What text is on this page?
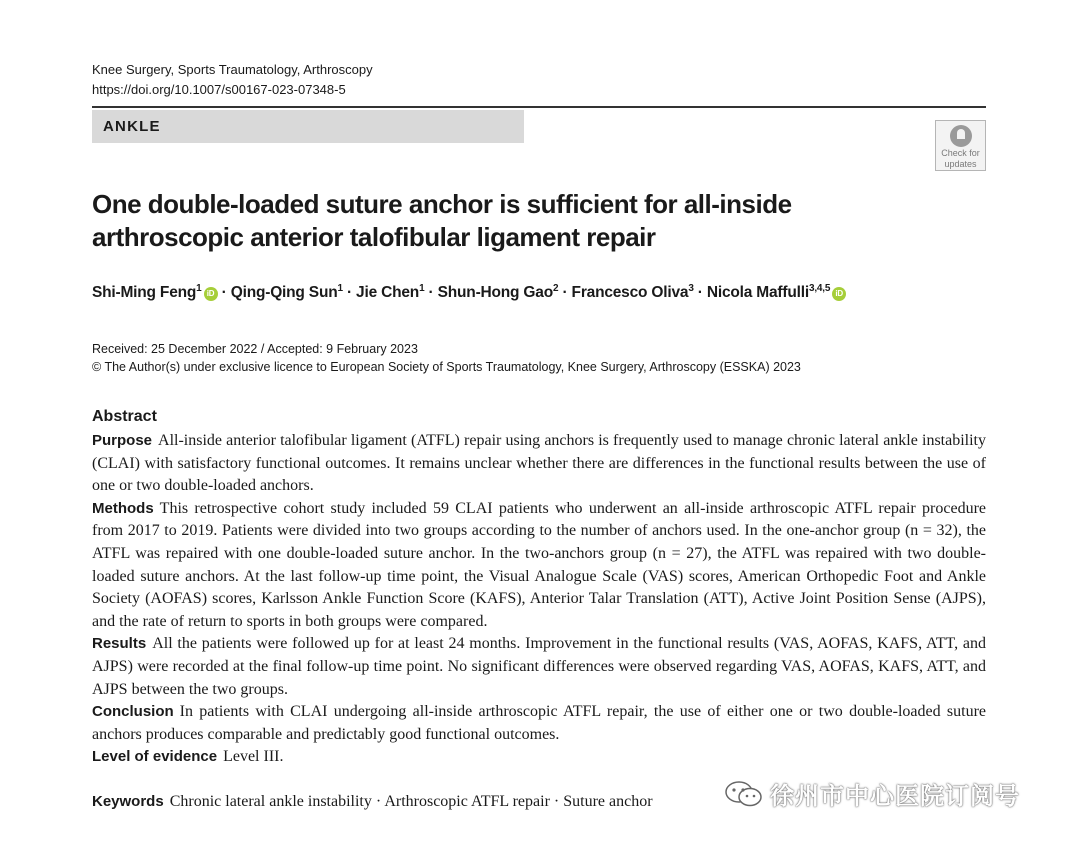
Knee Surgery, Sports Traumatology, Arthroscopy
https://doi.org/10.1007/s00167-023-07348-5
ANKLE
Check for
updates
One double-loaded suture anchor is sufficient for all-inside arthroscopic anterior talofibular ligament repair
Shi-Ming Feng$^1$ iD · Qing-Qing Sun$^1$ · Jie Chen$^1$ · Shun-Hong Gao$^2$ · Francesco Oliva$^3$ · Nicola Maffulli$^{3,4,5}$ iD
Received: 25 December 2022 / Accepted: 9 February 2023
© The Author(s) under exclusive licence to European Society of Sports Traumatology, Knee Surgery, Arthroscopy (ESSKA) 2023
Abstract

Purpose All-inside anterior talofibular ligament (ATFL) repair using anchors is frequently used to manage chronic lateral ankle instability (CLAI) with satisfactory functional outcomes. It remains unclear whether there are differences in the functional results between the use of one or two double-loaded anchors.

Methods This retrospective cohort study included 59 CLAI patients who underwent an all-inside arthroscopic ATFL repair procedure from 2017 to 2019. Patients were divided into two groups according to the number of anchors used. In the one-anchor group (n = 32), the ATFL was repaired with one double-loaded suture anchor. In the two-anchors group (n = 27), the ATFL was repaired with two double-loaded suture anchors. At the last follow-up time point, the Visual Analogue Scale (VAS) scores, American Orthopedic Foot and Ankle Society (AOFAS) scores, Karlsson Ankle Function Score (KAFS), Anterior Talar Translation (ATT), Active Joint Position Sense (AJPS), and the rate of return to sports in both groups were compared.

Results All the patients were followed up for at least 24 months. Improvement in the functional results (VAS, AOFAS, KAFS, ATT, and AJPS) were recorded at the final follow-up time point. No significant differences were observed regarding VAS, AOFAS, KAFS, ATT, and AJPS between the two groups.

Conclusion In patients with CLAI undergoing all-inside arthroscopic ATFL repair, the use of either one or two double-loaded suture anchors produces comparable and predictably good functional outcomes.

Level of evidence Level III.

Keywords Chronic lateral ankle instability · Arthroscopic ATFL repair · Suture anchor	徐州市中心医院订阅号
